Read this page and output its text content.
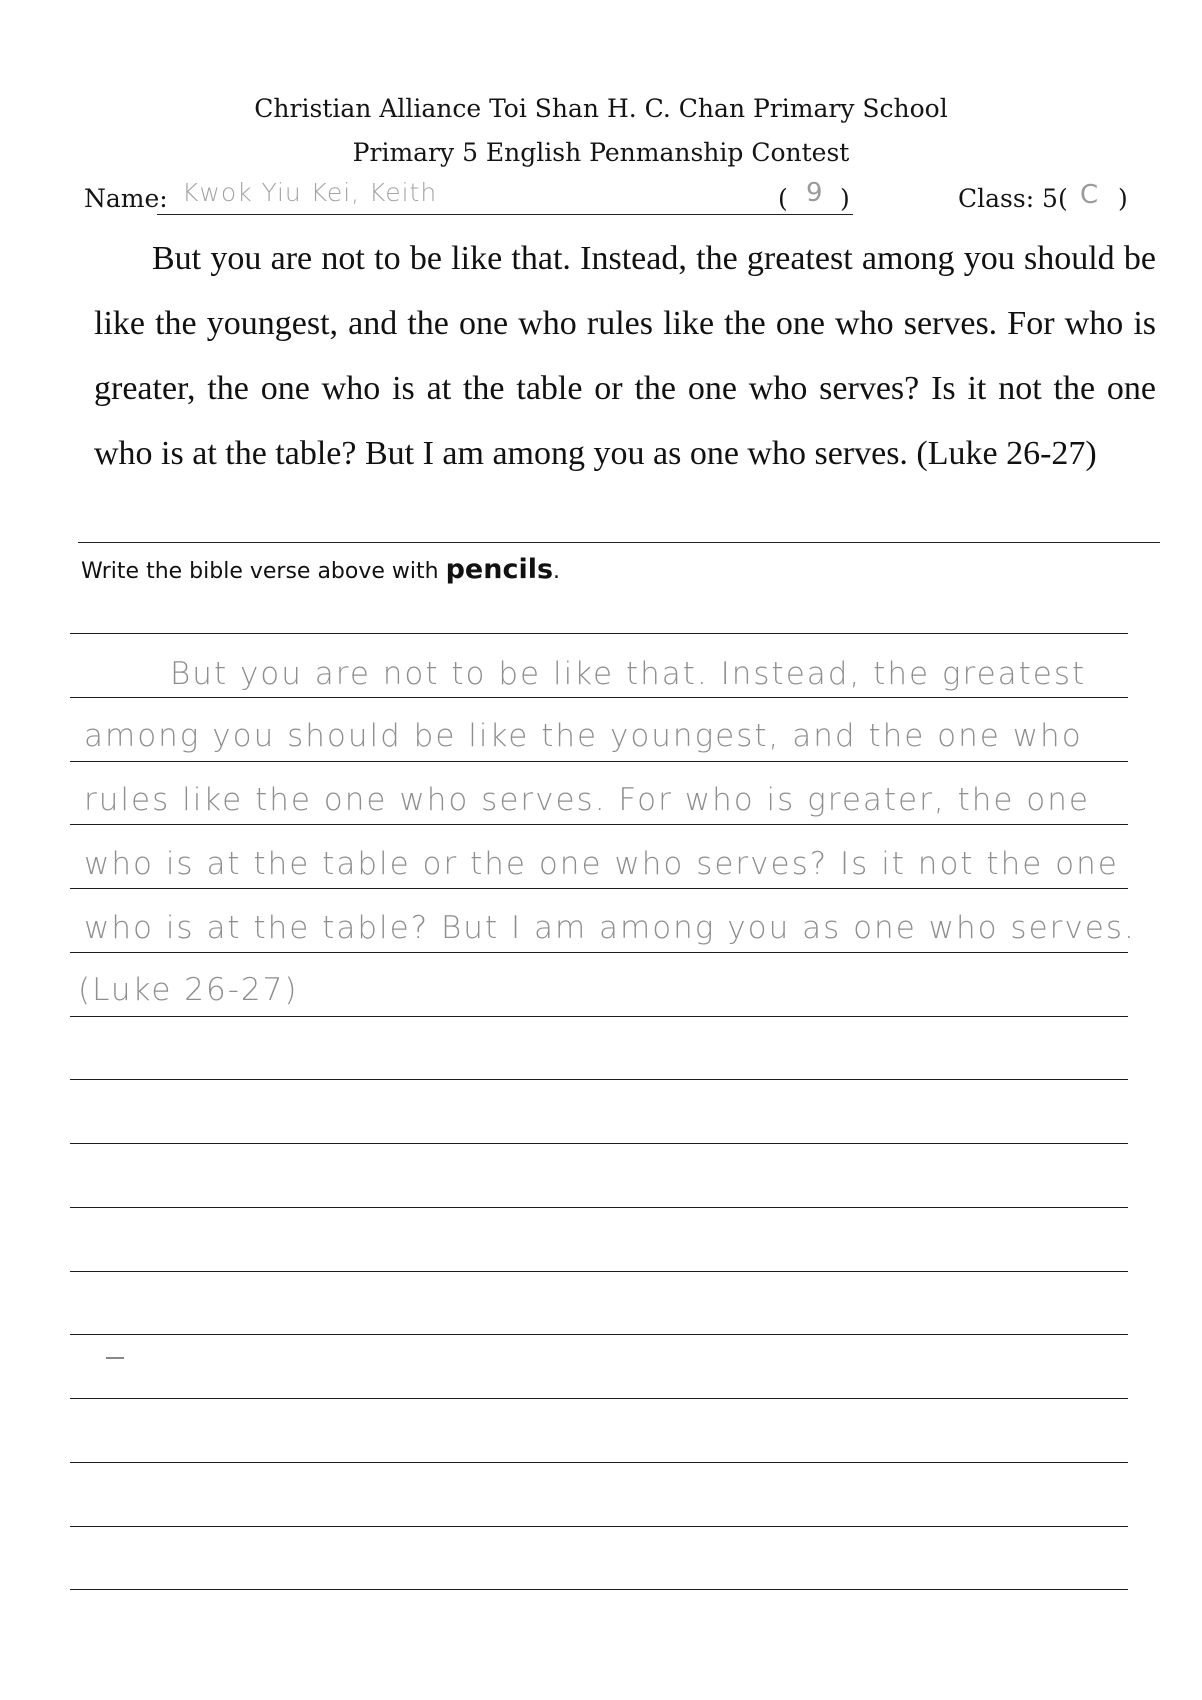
Christian Alliance Toi Shan H. C. Chan Primary School
Primary 5 English Penmanship Contest
Name: Kwok Yiu Kei, Keith	( 9 )	Class: 5( C )
But you are not to be like that. Instead, the greatest among you should be like the youngest, and the one who rules like the one who serves. For who is greater, the one who is at the table or the one who serves? Is it not the one who is at the table? But I am among you as one who serves. (Luke 26-27)
Write the bible verse above with pencils.
But you are not to be like that. Instead, the greatest
among you should be like the youngest, and the one who
rules like the one who serves. For who is greater, the one
who is at the table or the one who serves? Is it not the one
who is at the table? But I am among you as one who serves.
(Luke 26-27)
